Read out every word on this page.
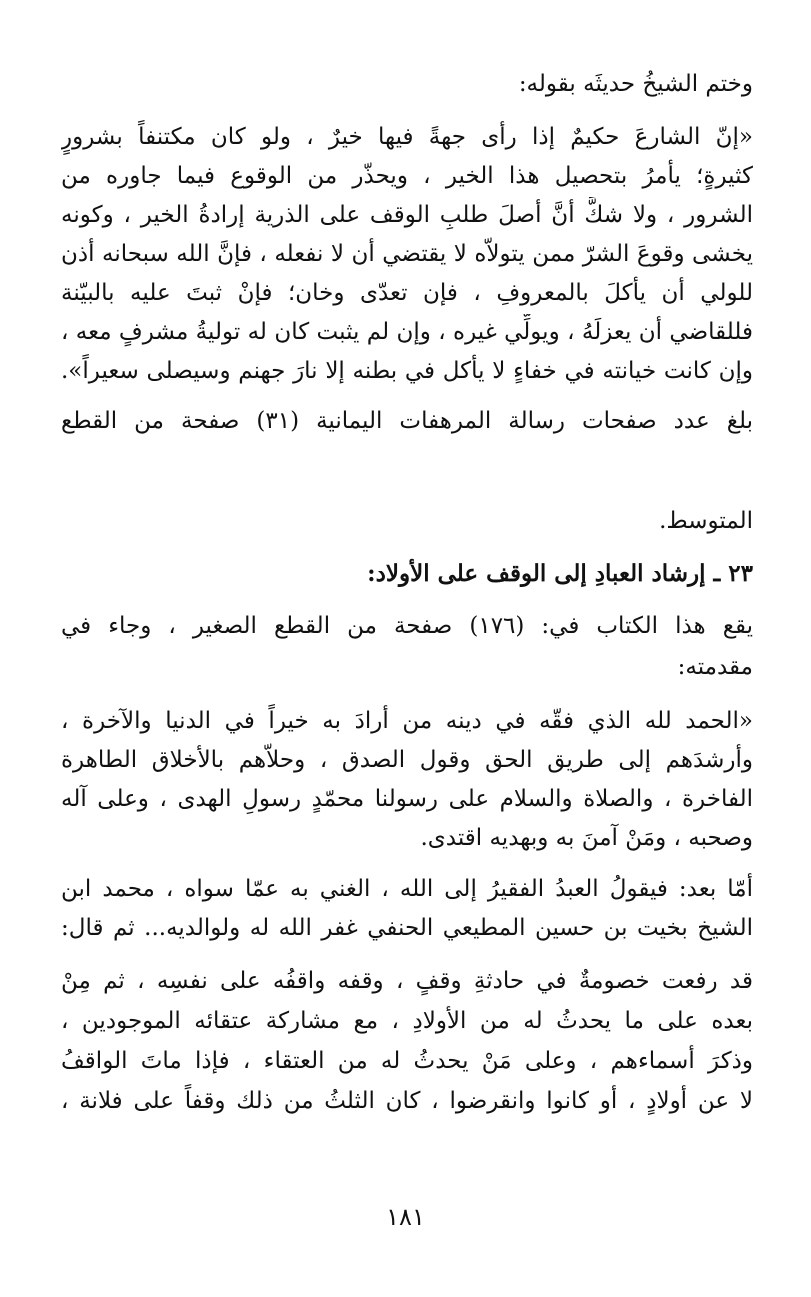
وختم الشيخُ حديثَه بقوله:
«إنّ الشارعَ حكيمٌ إذا رأى جهةً فيها خيرٌ ، ولو كان مكتنفاً بشرورٍ
كثيرةٍ؛ يأمرُ بتحصيل هذا الخير ، ويحذّر من الوقوع فيما جاوره من
الشرور ، ولا شكَّ أنَّ أصلَ طلبِ الوقف على الذرية إرادةُ الخير ، وكونه
يخشى وقوعَ الشرّ ممن يتولاّه لا يقتضي أن لا نفعله ، فإنَّ الله سبحانه أذن
للولي أن يأكلَ بالمعروفِ ، فإن تعدّى وخان؛ فإنْ ثبتَ عليه بالبيّنة
فللقاضي أن يعزلَهُ ، ويولِّي غيره ، وإن لم يثبت كان له توليةُ مشرفٍ معه ،
وإن كانت خيانته في خفاءٍ لا يأكل في بطنه إلا نارَ جهنم وسيصلى سعيراً».
بلغ عدد صفحات رسالة المرهفات اليمانية (٣١) صفحة من القطع
المتوسط.
٢٣ ـ إرشاد العبادِ إلى الوقف على الأولاد:
يقع هذا الكتاب في: (١٧٦) صفحة من القطع الصغير ، وجاء في
مقدمته:
«الحمد لله الذي فقّه في دينه من أرادَ به خيراً في الدنيا والآخرة ،
وأرشدَهم إلى طريق الحق وقول الصدق ، وحلاّهم بالأخلاق الطاهرة
الفاخرة ، والصلاة والسلام على رسولنا محمّدٍ رسولِ الهدى ، وعلى آله
وصحبه ، ومَنْ آمنَ به وبهديه اقتدى.
أمّا بعد: فيقولُ العبدُ الفقيرُ إلى الله ، الغني به عمّا سواه ، محمد ابن
الشيخ بخيت بن حسين المطيعي الحنفي غفر الله له ولوالديه... ثم قال:
قد رفعت خصومةٌ في حادثةِ وقفٍ ، وقفه واقفُه على نفسِه ، ثم مِنْ
بعده على ما يحدثُ له من الأولادِ ، مع مشاركة عتقائه الموجودين ،
وذكرَ أسماءهم ، وعلى مَنْ يحدثُ له من العتقاء ، فإذا ماتَ الواقفُ
لا عن أولادٍ ، أو كانوا وانقرضوا ، كان الثلثُ من ذلك وقفاً على فلانة ،
١٨١
